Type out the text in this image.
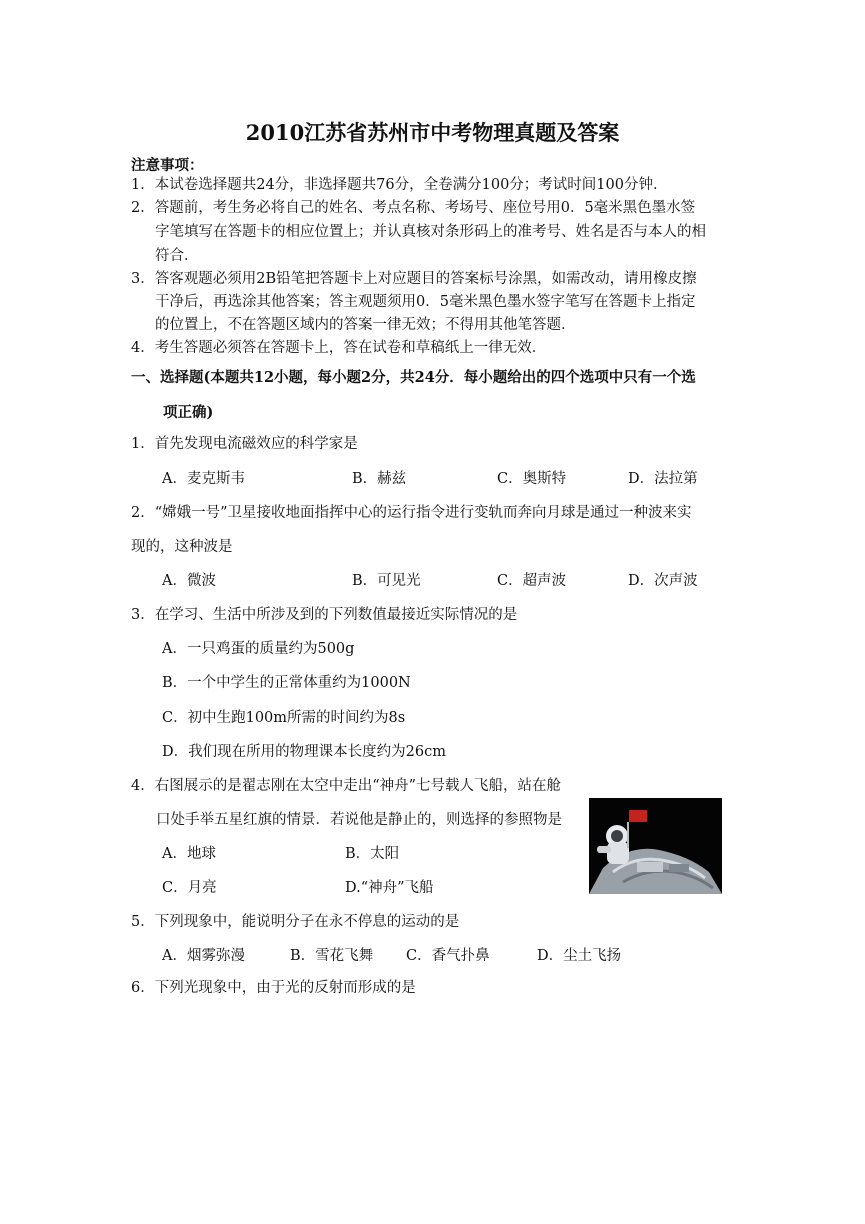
2010江苏省苏州市中考物理真题及答案
注意事项：
1．本试卷选择题共24分，非选择题共76分，全卷满分100分；考试时间100分钟．
2．答题前，考生务必将自己的姓名、考点名称、考场号、座位号用0．5毫米黑色墨水签
字笔填写在答题卡的相应位置上；并认真核对条形码上的准考号、姓名是否与本人的相
符合．
3．答客观题必须用2B铅笔把答题卡上对应题目的答案标号涂黑，如需改动，请用橡皮擦
干净后，再选涂其他答案；答主观题须用0．5毫米黑色墨水签字笔写在答题卡上指定
的位置上，不在答题区域内的答案一律无效；不得用其他笔答题．
4．考生答题必须答在答题卡上，答在试卷和草稿纸上一律无效．
一、选择题(本题共12小题，每小题2分，共24分．每小题给出的四个选项中只有一个选
项正确)
1．首先发现电流磁效应的科学家是
A．麦克斯韦	B．赫兹	C．奥斯特	D．法拉第
2．“嫦娥一号”卫星接收地面指挥中心的运行指令进行变轨而奔向月球是通过一种波来实
现的，这种波是
A．微波	B．可见光	C．超声波	D．次声波
3．在学习、生活中所涉及到的下列数值最接近实际情况的是
A．一只鸡蛋的质量约为500g
B．一个中学生的正常体重约为1000N
C．初中生跑100m所需的时间约为8s
D．我们现在所用的物理课本长度约为26cm
4．右图展示的是翟志刚在太空中走出“神舟”七号载人飞船，站在舱
口处手举五星红旗的情景．若说他是静止的，则选择的参照物是
A．地球	B．太阳
C．月亮	D.“神舟”飞船
5．下列现象中，能说明分子在永不停息的运动的是
A．烟雾弥漫	B．雪花飞舞 C．香气扑鼻	D．尘土飞扬
6．下列光现象中，由于光的反射而形成的是
